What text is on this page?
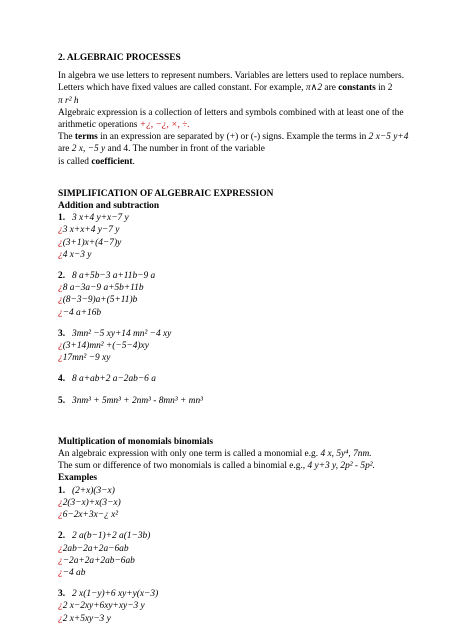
2. ALGEBRAIC PROCESSES
In algebra we use letters to represent numbers. Variables are letters used to replace numbers.
Letters which have fixed values are called constant. For example, π∧2 are constants in 2
π r² h
Algebraic expression is a collection of letters and symbols combined with at least one of the
arithmetic operations +¿, −¿, ×, ÷.
The terms in an expression are separated by (+) or (-) signs. Example the terms in 2 x−5 y+4
are 2 x, −5 y and 4. The number in front of the variable
is called coefficient.
SIMPLIFICATION OF ALGEBRAIC EXPRESSION
Addition and subtraction
1. 3 x+4 y+x−7 y
¿3 x+x+4 y−7 y
¿(3+1)x+(4−7)y
¿4 x−3 y
2. 8 a+5b−3 a+11b−9 a
¿8 a−3a−9 a+5b+11b
¿(8−3−9)a+(5+11)b
¿−4 a+16b
3. 3mn² −5 xy+14 mn² −4 xy
¿(3+14)mn² +(−5−4)xy
¿17mn² −9 xy
4. 8 a+ab+2 a−2ab−6 a
5. 3nm³ + 5mn³ + 2nm³ - 8mn³ + mn³
Multiplication of monomials binomials
An algebraic expression with only one term is called a monomial e.g. 4 x, 5y⁴, 7nm.
The sum or difference of two monomials is called a binomial e.g., 4 y+3 y, 2p² - 5p².
Examples
1. (2+x)(3−x)
¿2(3−x)+x(3−x)
¿6−2x+3x−¿ x²
2. 2 a(b−1)+2 a(1−3b)
¿2ab−2a+2a−6ab
¿−2a+2a+2ab−6ab
¿−4 ab
3. 2 x(1−y)+6 xy+y(x−3)
¿2 x−2xy+6xy+xy−3 y
¿2 x+5xy−3 y
